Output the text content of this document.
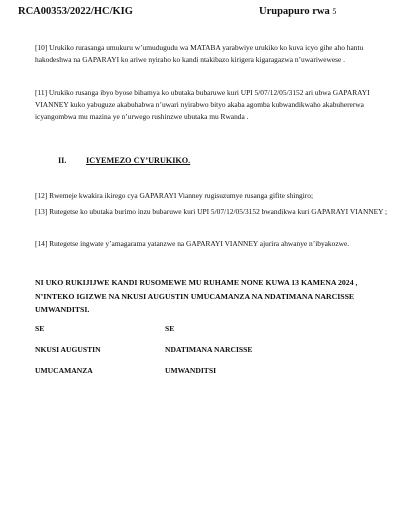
RCA00353/2022/HC/KIG	Urupapuro rwa 5

[10] Urukiko rurasanga umukuru w’umudugudu wa MATABA yarabwiye urukiko ko kuva icyo gihe aho hantu hakodeshwa na GAPARAYI ko ariwe nyiraho ko kandi ntakibazo kirigera kigaragazwa n’uwariwewese .

[11] Urukiko rusanga ibyo byose bihamya ko ubutaka bubaruwe kuri UPI 5/07/12/05/3152 ari ubwa GAPARAYI VIANNEY kuko yabuguze akabuhabwa n’uwari nyirabwo bityo akaba agomba kubwandikwaho akabuhererwa icyangombwa mu mazina ye n’urwego rushinzwe ubutaka mu Rwanda .

II. ICYEMEZO CY’URUKIKO.

[12] Rwemeje kwakira ikirego cya GAPARAYI Vianney rugisuzumye rusanga gifite shingiro;

[13] Rutegetse ko ubutaka burimo inzu bubaruwe kuri UPI 5/07/12/05/3152 bwandikwa kuri GAPARAYI VIANNEY ;

[14] Rutegetse ingwate y’amagarama yatanzwe na GAPARAYI VIANNEY ajurira ahwanye n’ibyakozwe.

NI UKO RUKIJIJWE KANDI RUSOMEWE MU RUHAME NONE KUWA 13 KAMENA 2024 , N’INTEKO IGIZWE NA NKUSI AUGUSTIN UMUCAMANZA NA NDATIMANA NARCISSE UMWANDITSI.

SE	SE
NKUSI AUGUSTIN	NDATIMANA NARCISSE
UMUCAMANZA	UMWANDITSI
